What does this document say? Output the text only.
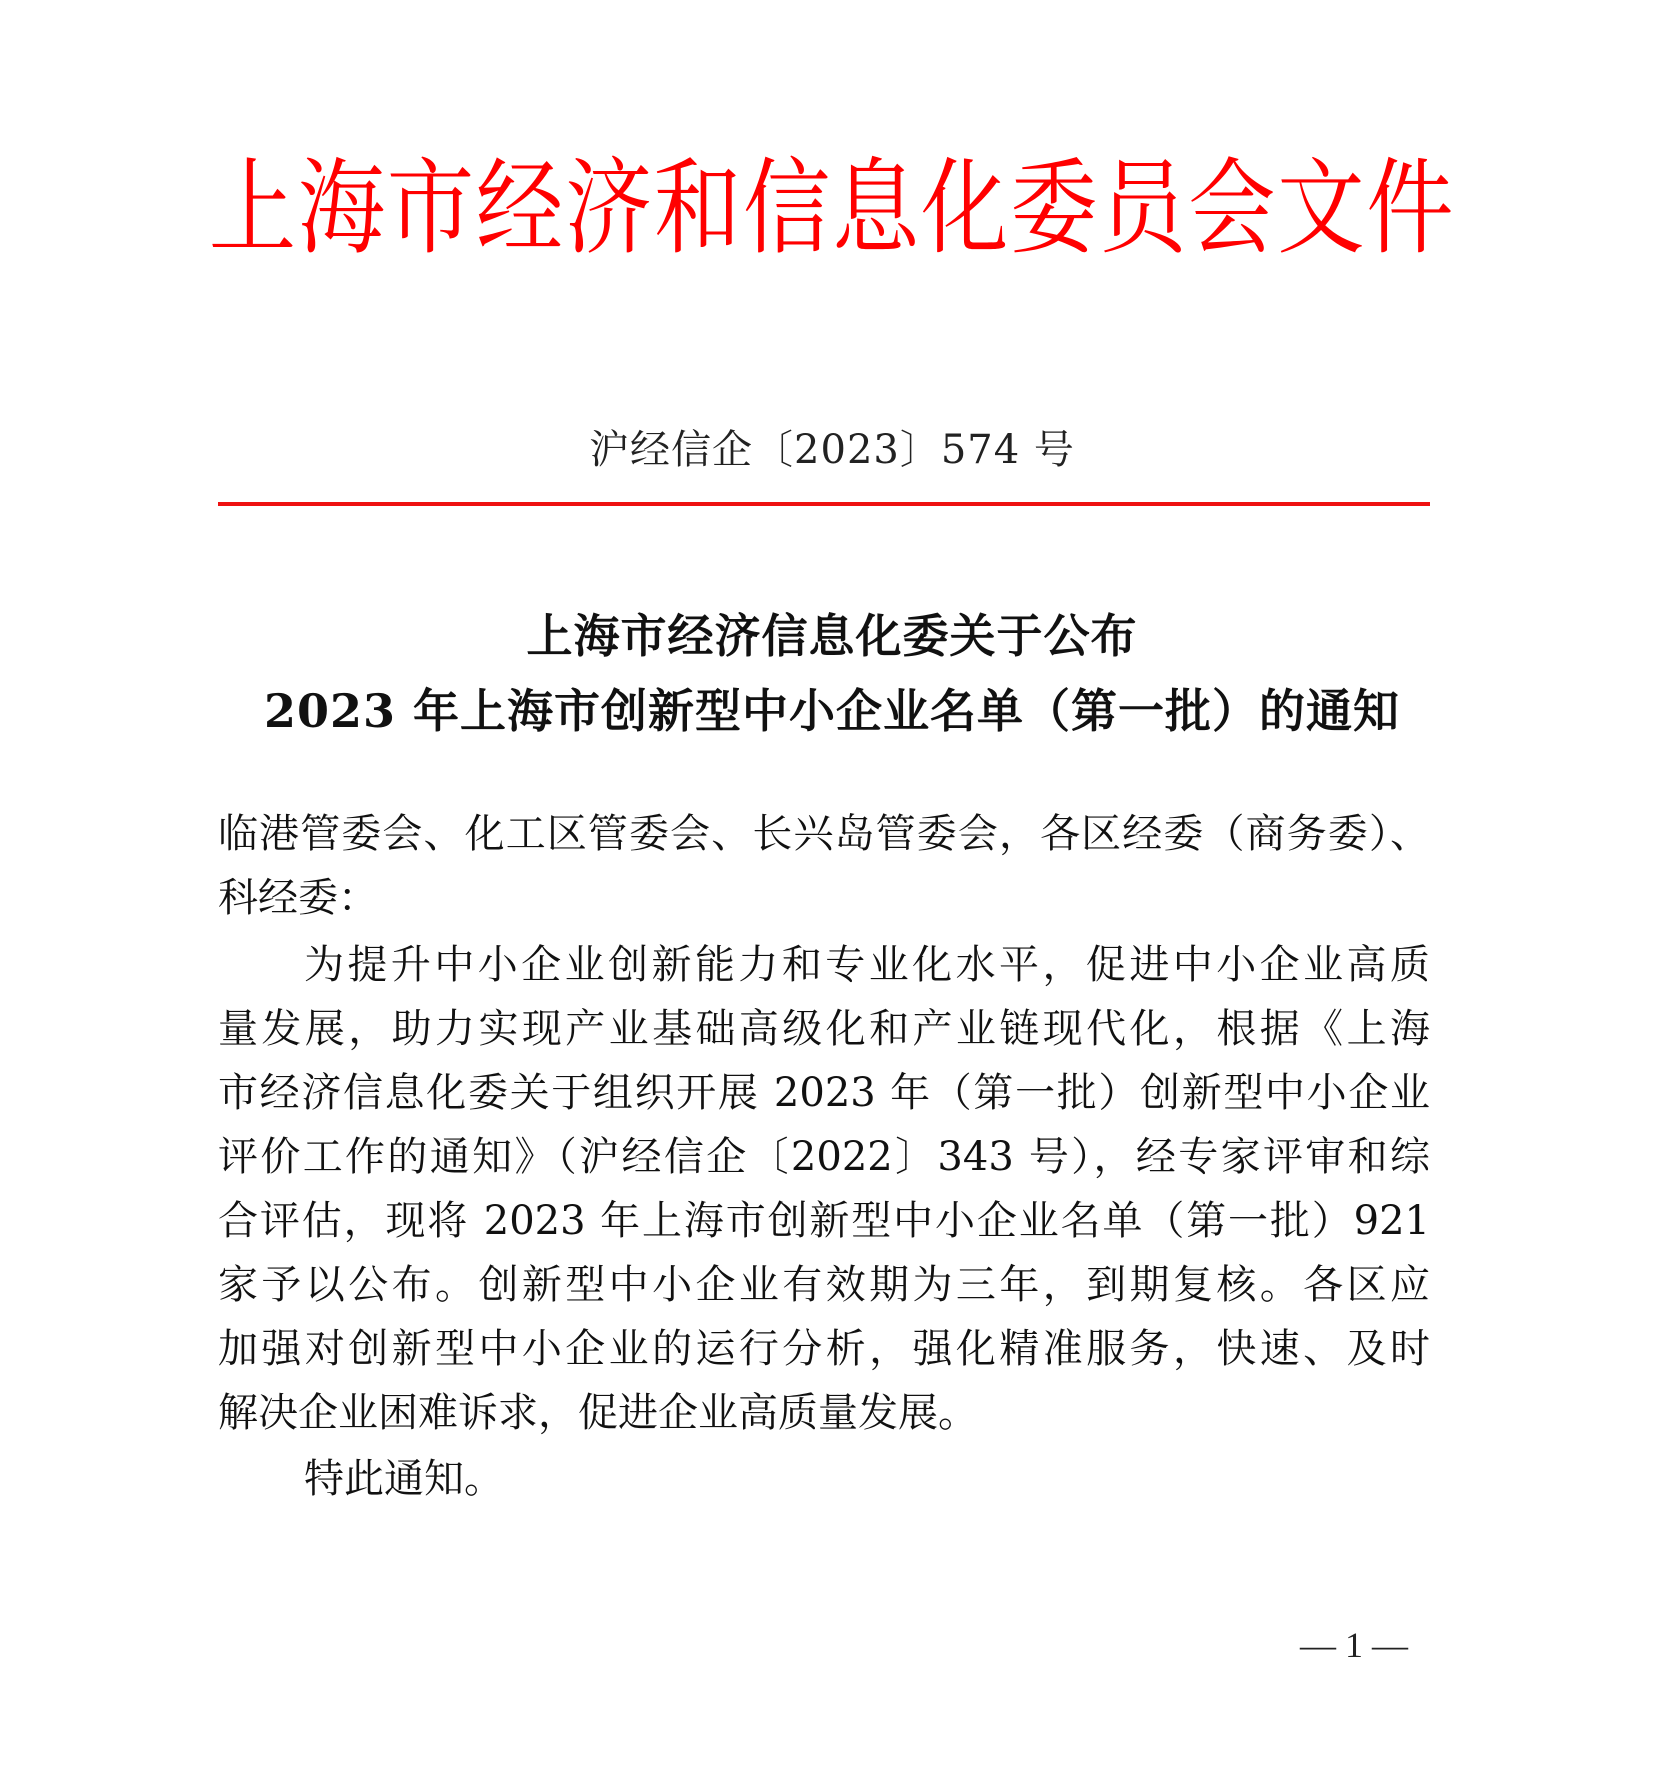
上海市经济和信息化委员会文件
沪经信企〔2023〕574 号
上海市经济信息化委关于公布
2023 年上海市创新型中小企业名单（第一批）的通知
临港管委会、化工区管委会、长兴岛管委会，各区经委（商务委）、
科经委：
为提升中小企业创新能力和专业化水平，促进中小企业高质
量发展，助力实现产业基础高级化和产业链现代化，根据《上海
市经济信息化委关于组织开展 2023 年（第一批）创新型中小企业
评价工作的通知》（沪经信企〔2022〕343 号），经专家评审和综
合评估，现将 2023 年上海市创新型中小企业名单（第一批）921
家予以公布。创新型中小企业有效期为三年，到期复核。各区应
加强对创新型中小企业的运行分析，强化精准服务，快速、及时
解决企业困难诉求，促进企业高质量发展。
特此通知。
— 1 —
